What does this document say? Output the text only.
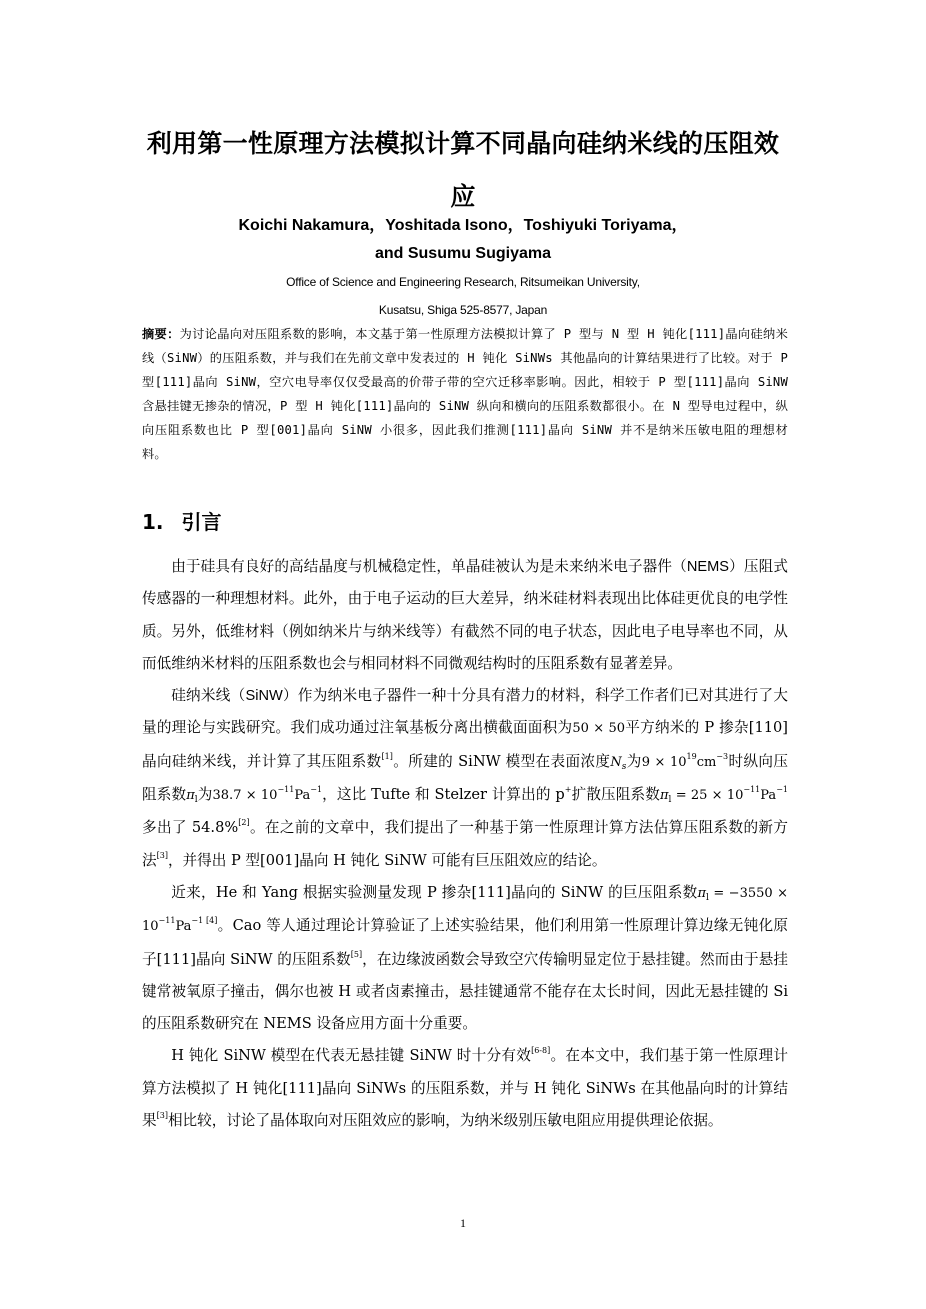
利用第一性原理方法模拟计算不同晶向硅纳米线的压阻效应
Koichi Nakamura，Yoshitada Isono，Toshiyuki Toriyama，
and Susumu Sugiyama
Office of Science and Engineering Research, Ritsumeikan University,
Kusatsu, Shiga 525-8577, Japan
摘要：为讨论晶向对压阻系数的影响，本文基于第一性原理方法模拟计算了 P 型与 N 型 H 钝化[111]晶向硅纳米线（SiNW）的压阻系数，并与我们在先前文章中发表过的 H 钝化 SiNWs 其他晶向的计算结果进行了比较。对于 P 型[111]晶向 SiNW，空穴电导率仅仅受最高的价带子带的空穴迁移率影响。因此，相较于 P 型[111]晶向 SiNW 含悬挂键无掺杂的情况，P 型 H 钝化[111]晶向的 SiNW 纵向和横向的压阻系数都很小。在 N 型导电过程中，纵向压阻系数也比 P 型[001]晶向 SiNW 小很多，因此我们推测[111]晶向 SiNW 并不是纳米压敏电阻的理想材料。
1. 引言

由于硅具有良好的高结晶度与机械稳定性，单晶硅被认为是未来纳米电子器件（NEMS）压阻式传感器的一种理想材料。此外，由于电子运动的巨大差异，纳米硅材料表现出比体硅更优良的电学性质。另外，低维材料（例如纳米片与纳米线等）有截然不同的电子状态，因此电子电导率也不同，从而低维纳米材料的压阻系数也会与相同材料不同微观结构时的压阻系数有显著差异。

硅纳米线（SiNW）作为纳米电子器件一种十分具有潜力的材料，科学工作者们已对其进行了大量的理论与实践研究。我们成功通过注氧基板分离出横截面面积为50 × 50平方纳米的 P 掺杂[110]晶向硅纳米线，并计算了其压阻系数[1]。所建的 SiNW 模型在表面浓度$N_s$为$9 \times 10^{19}cm^{-3}$时纵向压阻系数$\pi_l$为$38.7 \times 10^{-11}Pa^{-1}$，这比 Tufte 和 Stelzer 计算出的 p+扩散压阻系数$\pi_l = 25 \times 10^{-11}Pa^{-1}$多出了 54.8%[2]。在之前的文章中，我们提出了一种基于第一性原理计算方法估算压阻系数的新方法[3]，并得出 P 型[001]晶向 H 钝化 SiNW 可能有巨压阻效应的结论。

近来，He 和 Yang 根据实验测量发现 P 掺杂[111]晶向的 SiNW 的巨压阻系数$\pi_l = -3550 \times 10^{-11}Pa^{-1}$ [4]。Cao 等人通过理论计算验证了上述实验结果，他们利用第一性原理计算边缘无钝化原子[111]晶向 SiNW 的压阻系数[5]，在边缘波函数会导致空穴传输明显定位于悬挂键。然而由于悬挂键常被氧原子撞击，偶尔也被 H 或者卤素撞击，悬挂键通常不能存在太长时间，因此无悬挂键的 Si 的压阻系数研究在 NEMS 设备应用方面十分重要。

H 钝化 SiNW 模型在代表无悬挂键 SiNW 时十分有效[6-8]。在本文中，我们基于第一性原理计算方法模拟了 H 钝化[111]晶向 SiNWs 的压阻系数，并与 H 钝化 SiNWs 在其他晶向时的计算结果[3]相比较，讨论了晶体取向对压阻效应的影响，为纳米级别压敏电阻应用提供理论依据。

1
